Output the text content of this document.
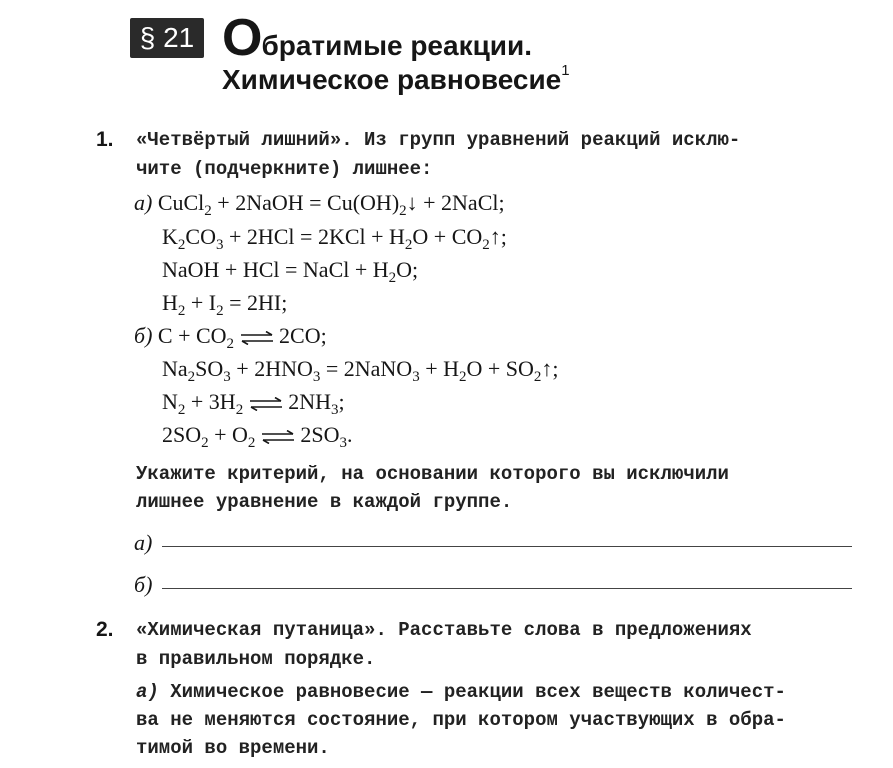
§ 21 Обратимые реакции.
Химическое равновесие$^1$
1. «Четвёртый лишний». Из групп уравнений реакций исклю-
чите (подчеркните) лишнее:
а) CuCl$_2$ + 2NaOH = $Cu(OH)_2↓$ + 2NaCl;
$K_2CO_3 + 2HCl = 2KCl + H_2O$ + $CO_2↑$;
NaOH + HCl = NaCl + $H_2O$;
$H_2 + I_2 = 2HI$;
б) $C + CO_2$ ⇌ 2CO;
$Na_2SO_3 + 2HNO_3$ = 2NaNO$_3$ + $H_2O$ + $SO_2↑$;
$N_2 + 3H_2$ ⇌ $2NH_3$;
$2SO_2 + O_2$ ⇌ $2SO_3$.
Укажите критерий, на основании которого вы исключили
лишнее уравнение в каждой группе.
а)
б)
2. «Химическая путаница». Расставьте слова в предложениях
в правильном порядке.
а) Химическое равновесие — реакции всех веществ количест-
ва не меняются состояние, при котором участвующих в обра-
тимой во времени.
